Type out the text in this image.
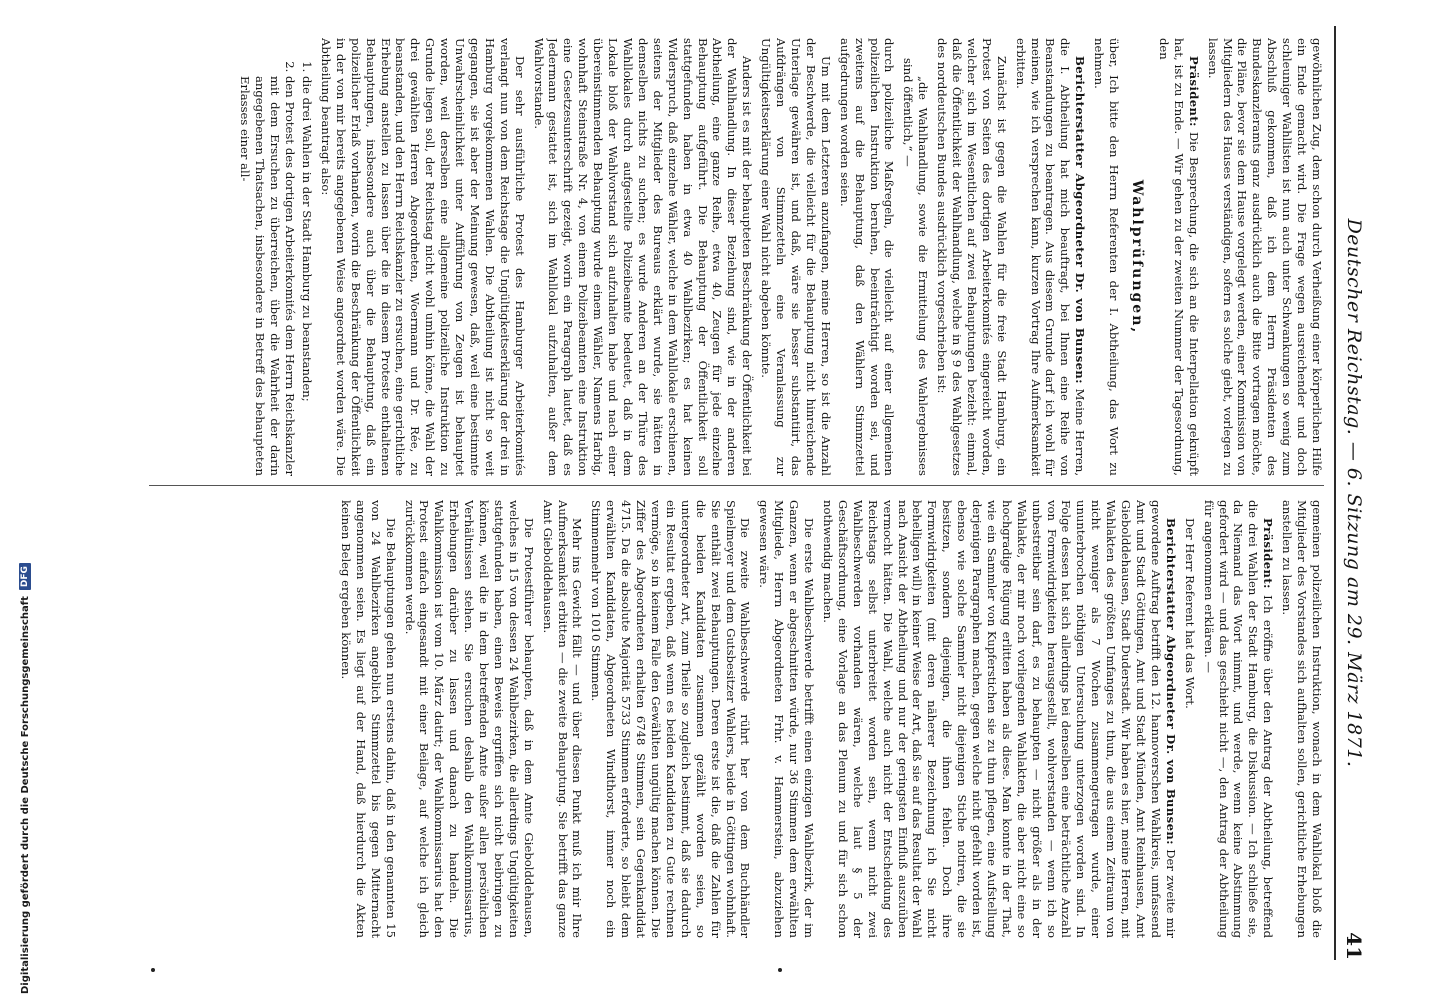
Deutscher Reichstag. — 6. Sitzung am 29. März 1871.
41

gewöhnlichen Zug, dem schon durch Verheißung einer körperlichen Hilfe ein Ende gemacht wird. Die Frage wegen ausreichender und doch schleuniger Wahllisten ist nun auch unter Schwankungen so wenig zum Abschluß gekommen, daß ich dem Herrn Präsidenten des Bundeskanzleramts ganz ausdrücklich auch die Bitte vortragen möchte, die Pläne, bevor sie dem Hause vorgelegt werden, einer Kommission von Mitgliedern des Hauses verständigen, sofern es solche giebt, vorlegen zu lassen.

Präsident: Die Besprechung, die sich an die Interpellation geknüpft hat, ist zu Ende. — Wir gehen zu der zweiten Nummer der Tagesordnung, den

Wahlprüfungen,

über, Ich bitte den Herrn Referenten der I. Abtheilung, das Wort zu nehmen.

Berichterstatter Abgeordneter Dr. von Bunsen: Meine Herren, die I. Abtheilung hat mich beauftragt, bei Ihnen eine Reihe von Beanstandungen zu beantragen. Aus diesem Grunde darf ich wohl für meinen, wie ich versprechen kann, kurzen Vortrag Ihre Aufmerksamkeit erbitten.

Zunächst ist gegen die Wahlen für die freie Stadt Hamburg, ein Protest von Seiten des dortigen Arbeiterkomités eingereicht worden, welcher sich im Wesentlichen auf zwei Behauptungen bezieht: einmal, daß die Öffentlichkeit der Wahlhandlung, welche in § 9 des Wahlgesetzes des norddeutschen Bundes ausdrücklich vorgeschrieben ist:

„die Wahlhandlung, sowie die Ermittelung des Wahlergebnisses sind öffentlich,“ —

durch polizeiliche Maßregeln, die vielleicht auf einer allgemeinen polizeilichen Instruktion beruhen, beeinträchtigt worden sei, und zweitens auf die Behauptung, daß den Wählern Stimmzettel aufgedrungen worden seien.

Um mit dem Letzteren anzufangen, meine Herren, so ist die Anzahl der Beschwerde, die vielleicht für die Behauptung nicht hinreichende Unterlage gewähren ist, und daß, wäre sie besser substantiirt, das Aufdrängen von Stimmzetteln eine Veranlassung zur Ungültigkeitserklärung einer Wahl nicht abgeben könnte.

Anders ist es mit der behaupteten Beschränkung der Öffentlichkeit bei der Wahlhandlung. In dieser Beziehung sind, wie in der anderen Abtheilung, eine ganze Reihe, etwa 40, Zeugen für jede einzelne Behauptung aufgeführt. Die Behauptung der Öffentlichkeit soll stattgefunden haben in etwa 40 Wahlbezirken; es hat keinen Widerspruch, daß einzelne Wähler, welche in dem Wahllokale erschienen, seitens der Mitglieder des Bureaus erklärt wurde, sie hätten in demselben nichts zu suchen; es wurde Anderen an der Thüre des Wahllokales durch aufgestellte Polizeibeamte bedeutet, daß in dem Lokale bloß der Wahlvorstand sich aufzuhalten habe und nach einer übereinstimmenden Behauptung wurde einem Wähler, Namens Harbig, wohnhaft Steinstraße Nr. 4, von einem Polizeibeamten eine Instruktion eine Gesetzesunterschrift gezeigt, worin ein Paragraph lautet, daß es Jedermann gestattet ist, sich im Wahllokal aufzuhalten, außer dem Wahlvorstande.

Der sehr ausführliche Protest des Hamburger Arbeiterkomités verlangt nun von dem Reichstage die Ungültigkeitserklärung der drei in Hamburg vorgekommenen Wahlen. Die Abtheilung ist nicht so weit gegangen, sie ist aber der Meinung gewesen, daß, weil eine bestimmte Unwahrscheinlichkeit unter Aufführung von Zeugen ist behauptet worden, weil derselben eine allgemeine polizeiliche Instruktion zu Grunde liegen soll, der Reichstag nicht wohl umhin könne, die Wahl der drei gewählten Herren Abgeordneten, Woermann und Dr. Rée, zu beanstanden, und den Herrn Reichskanzler zu ersuchen, eine gerichtliche Erhebung anstellen zu lassen über die in diesem Proteste enthaltenen Behauptungen, insbesondere auch über die Behauptung, daß ein polizeilicher Erlaß vorhanden, worin die Beschränkung der Öffentlichkeit in der von mir bereits angegebenen Weise angeordnet worden wäre. Die Abtheilung beantragt also:

1. die drei Wahlen in der Stadt Hamburg zu beanstanden;
2. den Protest des dortigen Arbeiterkomités dem Herrn Reichskanzler mit dem Ersuchen zu überreichen, über die Wahrheit der darin angegebenen Thatsachen, insbesondere in Betreff des behaupteten Erlasses einer all-

gemeinen polizeilichen Instruktion, wonach in dem Wahllokal bloß die Mitglieder des Vorstandes sich aufhalten sollen, gerichtliche Erhebungen anstellen zu lassen.

Präsident: Ich eröffne über den Antrag der Abtheilung, betreffend die drei Wahlen der Stadt Hamburg, die Diskussion. — Ich schließe sie, da Niemand das Wort nimmt, und werde, wenn keine Abstimmung gefordert wird — und das geschieht nicht —, den Antrag der Abtheilung für angenommen erklären. —

Der Herr Referent hat das Wort.

Berichterstatter Abgeordneter Dr. von Bunsen: Der zweite mir gewordene Auftrag betrifft den 12. hannoverschen Wahlkreis, umfassend Amt und Stadt Göttingen, Amt und Stadt Münden, Amt Reinhausen, Amt Giebolddehausen, Stadt Duderstadt. Wir haben es hier, meine Herren, mit Wahlakten des größten Umfanges zu thun, die aus einem Zeitraum von nicht weniger als 7 Wochen zusammengetragen wurde, einer ununterbrochen nöthigen Untersuchung unterzogen worden sind. In Folge dessen hat sich allerdings bei denselben eine beträchtliche Anzahl von Formwidrigkeiten herausgestellt, wohlverstanden — wenn ich so unbestreitbar sein darf, es zu behaupten — nicht größer als in der Wahlakte, der mir noch vorliegenden Wahlakten, die aber nicht eine so hochgradige Rügung erlitten haben als diese. Man konnte in der That, wie ein Sammler von Kupferstichen sie zu thun pflegen, eine Aufstellung derjenigen Paragraphen machen, gegen welche nicht gefehlt worden ist, ebenso wie solche Sammler nicht diejenigen Stiche notiren, die sie besitzen, sondern diejenigen, die ihnen fehlen. Doch ihre Formwidrigkeiten (mit deren näherer Bezeichnung ich Sie nicht behelligen will) in keiner Weise der Art, daß sie auf das Resultat der Wahl nach Ansicht der Abtheilung und nur der geringsten Einfluß auszuüben vermocht hätten. Die Wahl, welche auch nicht der Entscheidung des Reichstags selbst unterbreitet worden sein, wenn nicht zwei Wahlbeschwerden vorhanden wären, welche laut § 5 der Geschäftsordnung, eine Vorlage an das Plenum zu und für sich schon nothwendig machen.

Die erste Wahlbeschwerde betrifft einen einzigen Wahlbezirk, der im Ganzen, wenn er abgeschnitten würde, nur 36 Stimmen dem erwählten Mitgliede, Herrn Abgeordneten Frhr. v. Hammerstein, abzuziehen gewesen wäre.

Die zweite Wahlbeschwerde rührt her von dem Buchhändler Spielmeyer und dem Gutsbesitzer Wahlers, beide in Göttingen wohnhaft. Sie enthält zwei Behauptungen. Deren erste ist die, daß die Zahlen für die beiden Kandidaten zusammen gezählt worden seien, so untergeordneter Art, zum Theile so zugleich bestimmt, daß sie dadurch ein Resultat ergeben, daß wenn es beiden Kandidaten zu Gute rechnen vermöge, so in keinem Falle den Gewählten ungültig machen können. Die Ziffer des Abgeordneten erhalten 6748 Stimmen, sein Gegenkandidat 4715. Da die absolute Majorität 5733 Stimmen erforderte, so bleibt dem erwählten Kandidaten, Abgeordneten Windthorst, immer noch ein Stimmenmehr von 1010 Stimmen.

Mehr ins Gewicht fällt — und über diesen Punkt muß ich mir Ihre Aufmerksamkeit erbitten — die zweite Behauptung. Sie betrifft das ganze Amt Giebolddehausen.

Die Protestführer behaupten, daß in dem Amte Giebolddehausen, welches in 15 von dessen 24 Wahlbezirken, die allerdings Ungültigkeiten stattgefunden haben, einen Beweis ergriffen sich nicht beibringen zu können, weil die in dem betreffenden Amte außer allen persönlichen Verhältnissen stehen. Sie ersuchen deshalb den Wahlkommissarius, Erhebungen darüber zu lassen und danach zu handeln. Die Wahlkommission ist vom 10. März datirt; der Wahlkommissarius hat den Protest einfach eingesandt mit einer Beilage, auf welche ich gleich zurückkommen werde.

Die Behauptungen gehen nun erstens dahin, daß in den genannten 15 von 24 Wahlbezirken angeblich Stimmzettel bis gegen Mitternacht angenommen seien. Es liegt auf der Hand, daß hierdurch die Akten keinen Beleg ergeben können.

Digitalisierung gefördert durch die Deutsche Forschungsgemeinschaft
DFG
